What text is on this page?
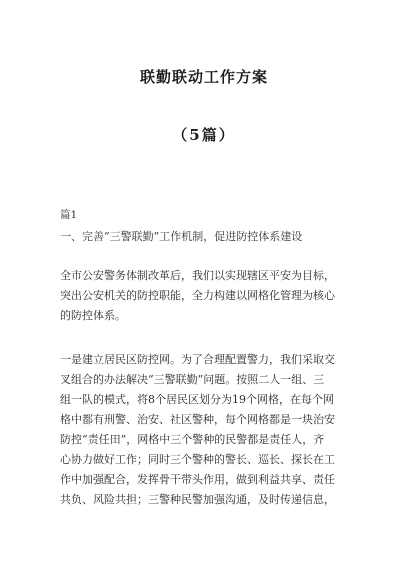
联勤联动工作方案
（5篇）
篇1
一、完善“三警联勤”工作机制，促进防控体系建设
全市公安警务体制改革后，我们以实现辖区平安为目标，
突出公安机关的防控职能，全力构建以网格化管理为核心
的防控体系。
一是建立居民区防控网。为了合理配置警力，我们采取交
叉组合的办法解决“三警联勤”问题。按照二人一组、三
组一队的模式，将8个居民区划分为19个网格，在每个网
格中都有刑警、治安、社区警种，每个网格都是一块治安
防控“责任田”，网格中三个警种的民警都是责任人，齐
心协力做好工作；同时三个警种的警长、巡长、探长在工
作中加强配合，发挥骨干带头作用，做到利益共享、责任
共负、风险共担；三警种民警加强沟通，及时传递信息，
